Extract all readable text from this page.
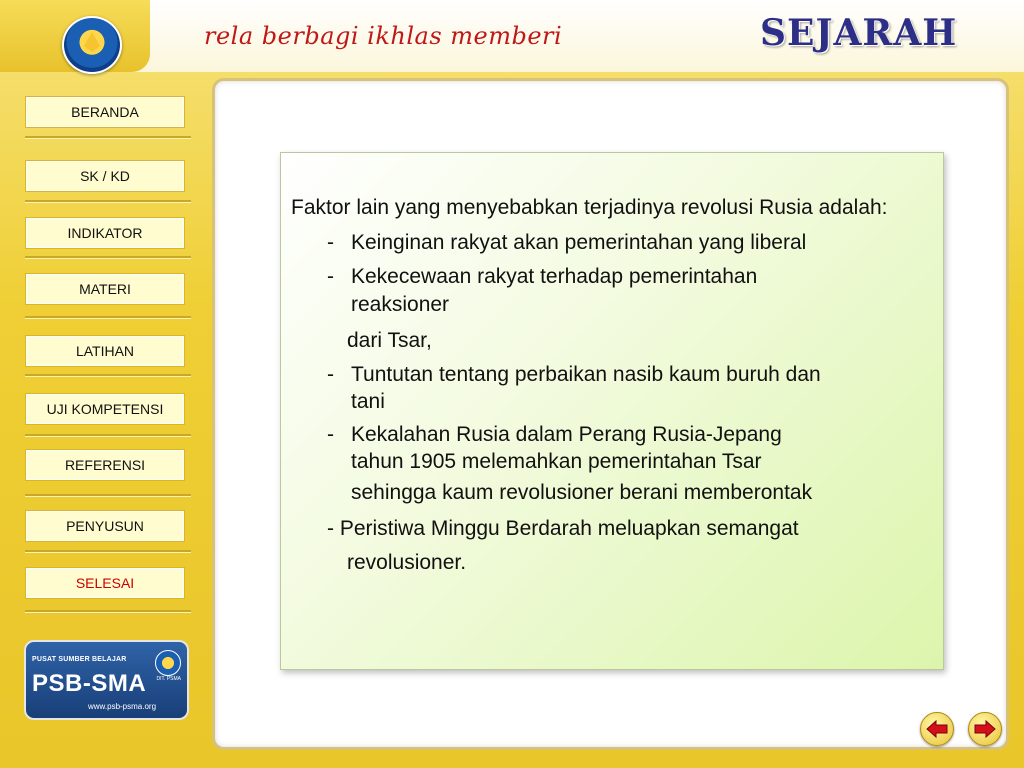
rela berbagi ikhlas memberi	SEJARAH
BERANDA
SK / KD
INDIKATOR
MATERI
LATIHAN
UJI KOMPETENSI
REFERENSI
PENYUSUN
SELESAI
PUSAT SUMBER BELAJAR
PSB-SMA
www.psb-psma.org
DIT. PSMA

Faktor lain yang menyebabkan terjadinya revolusi Rusia adalah:

- Keinginan rakyat akan pemerintahan yang liberal

- Kekecewaan rakyat terhadap pemerintahan

reaksioner

dari Tsar,

- Tuntutan tentang perbaikan nasib kaum buruh dan

tani

- Kekalahan Rusia dalam Perang Rusia-Jepang

tahun 1905 melemahkan pemerintahan Tsar

sehingga kaum revolusioner berani memberontak

- Peristiwa Minggu Berdarah meluapkan semangat

revolusioner.
